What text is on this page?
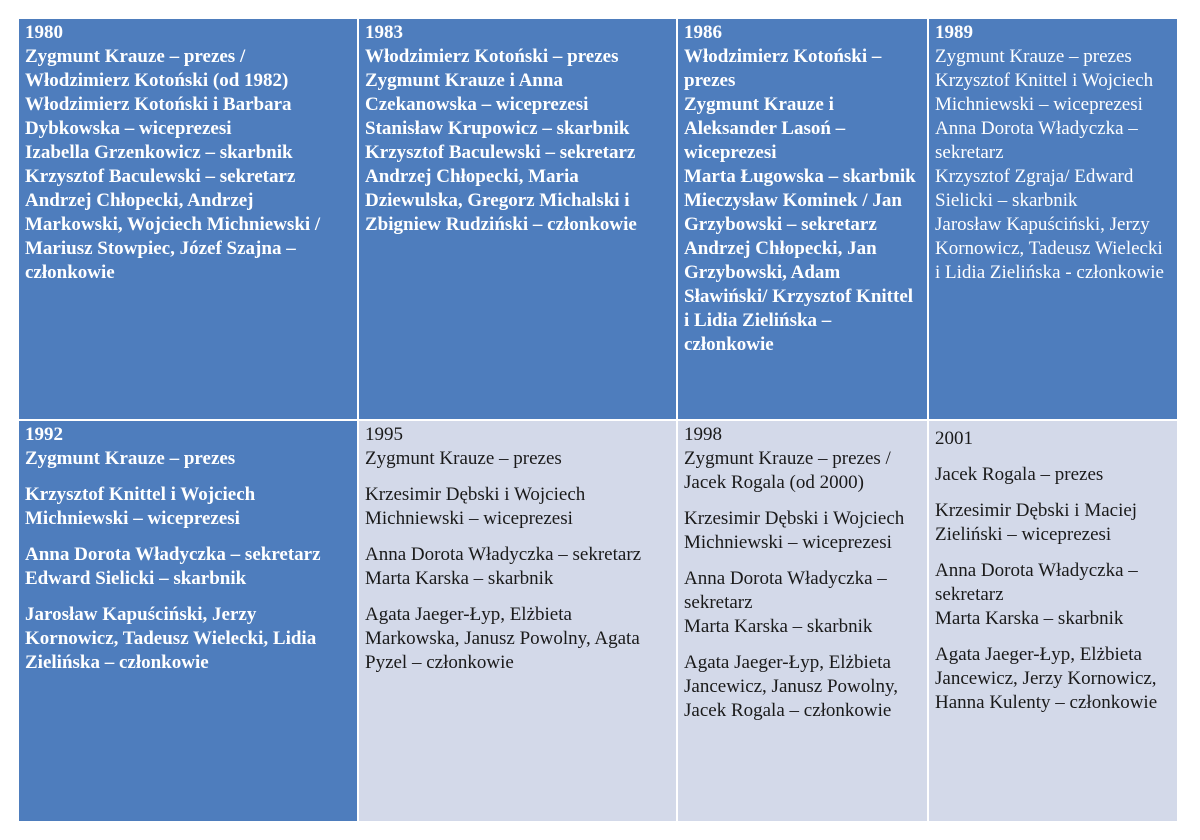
1980

Zygmunt Krauze – prezes / Włodzimierz Kotoński (od 1982)

Włodzimierz Kotoński i Barbara Dybkowska – wiceprezesi

Izabella Grzenkowicz – skarbnik

Krzysztof Baculewski – sekretarz

Andrzej Chłopecki, Andrzej Markowski, Wojciech Michniewski / Mariusz Stowpiec, Józef Szajna – członkowie

1983

Włodzimierz Kotoński – prezes

Zygmunt Krauze i Anna Czekanowska – wiceprezesi

Stanisław Krupowicz – skarbnik

Krzysztof Baculewski – sekretarz

Andrzej Chłopecki, Maria Dziewulska, Gregorz Michalski i Zbigniew Rudziński – członkowie

1986

Włodzimierz Kotoński – prezes

Zygmunt Krauze i Aleksander Lasoń – wiceprezesi

Marta Ługowska – skarbnik

Mieczysław Kominek / Jan Grzybowski – sekretarz

Andrzej Chłopecki, Jan Grzybowski, Adam Sławiński/ Krzysztof Knittel i Lidia Zielińska – członkowie

1989

Zygmunt Krauze – prezes

Krzysztof Knittel i Wojciech Michniewski – wiceprezesi

Anna Dorota Władyczka – sekretarz

Krzysztof Zgraja/ Edward Sielicki – skarbnik

Jarosław Kapuściński, Jerzy Kornowicz, Tadeusz Wielecki i Lidia Zielińska - członkowie

1992

Zygmunt Krauze – prezes

Krzysztof Knittel i Wojciech Michniewski – wiceprezesi

Anna Dorota Władyczka – sekretarz

Edward Sielicki – skarbnik

Jarosław Kapuściński, Jerzy Kornowicz, Tadeusz Wielecki, Lidia Zielińska – członkowie

1995

Zygmunt Krauze – prezes

Krzesimir Dębski i Wojciech Michniewski – wiceprezesi

Anna Dorota Władyczka – sekretarz

Marta Karska – skarbnik

Agata Jaeger-Łyp, Elżbieta Markowska, Janusz Powolny, Agata Pyzel – członkowie

1998

Zygmunt Krauze – prezes / Jacek Rogala (od 2000)

Krzesimir Dębski i Wojciech Michniewski – wiceprezesi

Anna Dorota Władyczka – sekretarz

Marta Karska – skarbnik

Agata Jaeger-Łyp, Elżbieta Jancewicz, Janusz Powolny, Jacek Rogala – członkowie

2001

Jacek Rogala – prezes

Krzesimir Dębski i Maciej Zieliński – wiceprezesi

Anna Dorota Władyczka – sekretarz

Marta Karska – skarbnik

Agata Jaeger-Łyp, Elżbieta Jancewicz, Jerzy Kornowicz, Hanna Kulenty – członkowie
